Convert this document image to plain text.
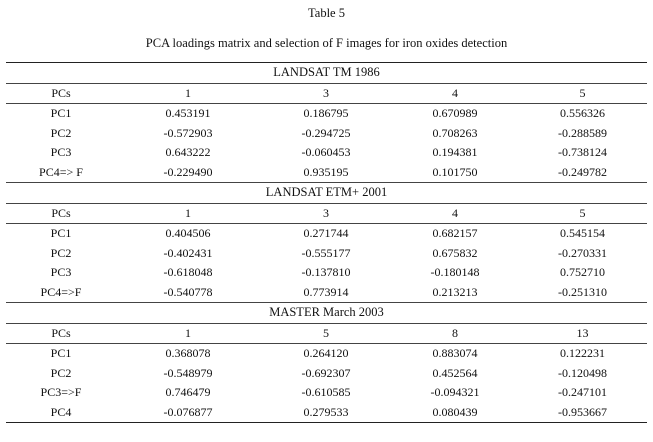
Table 5
PCA loadings matrix and selection of F images for iron oxides detection
LANDSAT TM 1986				
PCs	1	3	4	5
PC1	0.453191	0.186795	0.670989	0.556326
PC2	-0.572903	-0.294725	0.708263	-0.288589
PC3	0.643222	-0.060453	0.194381	-0.738124
PC4=> F	-0.229490	0.935195	0.101750	-0.249782
LANDSAT ETM+ 2001				
PCs	1	3	4	5
PC1	0.404506	0.271744	0.682157	0.545154
PC2	-0.402431	-0.555177	0.675832	-0.270331
PC3	-0.618048	-0.137810	-0.180148	0.752710
PC4=>F	-0.540778	0.773914	0.213213	-0.251310
MASTER March 2003				
PCs	1	5	8	13
PC1	0.368078	0.264120	0.883074	0.122231
PC2	-0.548979	-0.692307	0.452564	-0.120498
PC3=>F	0.746479	-0.610585	-0.094321	-0.247101
PC4	-0.076877	0.279533	0.080439	-0.953667
